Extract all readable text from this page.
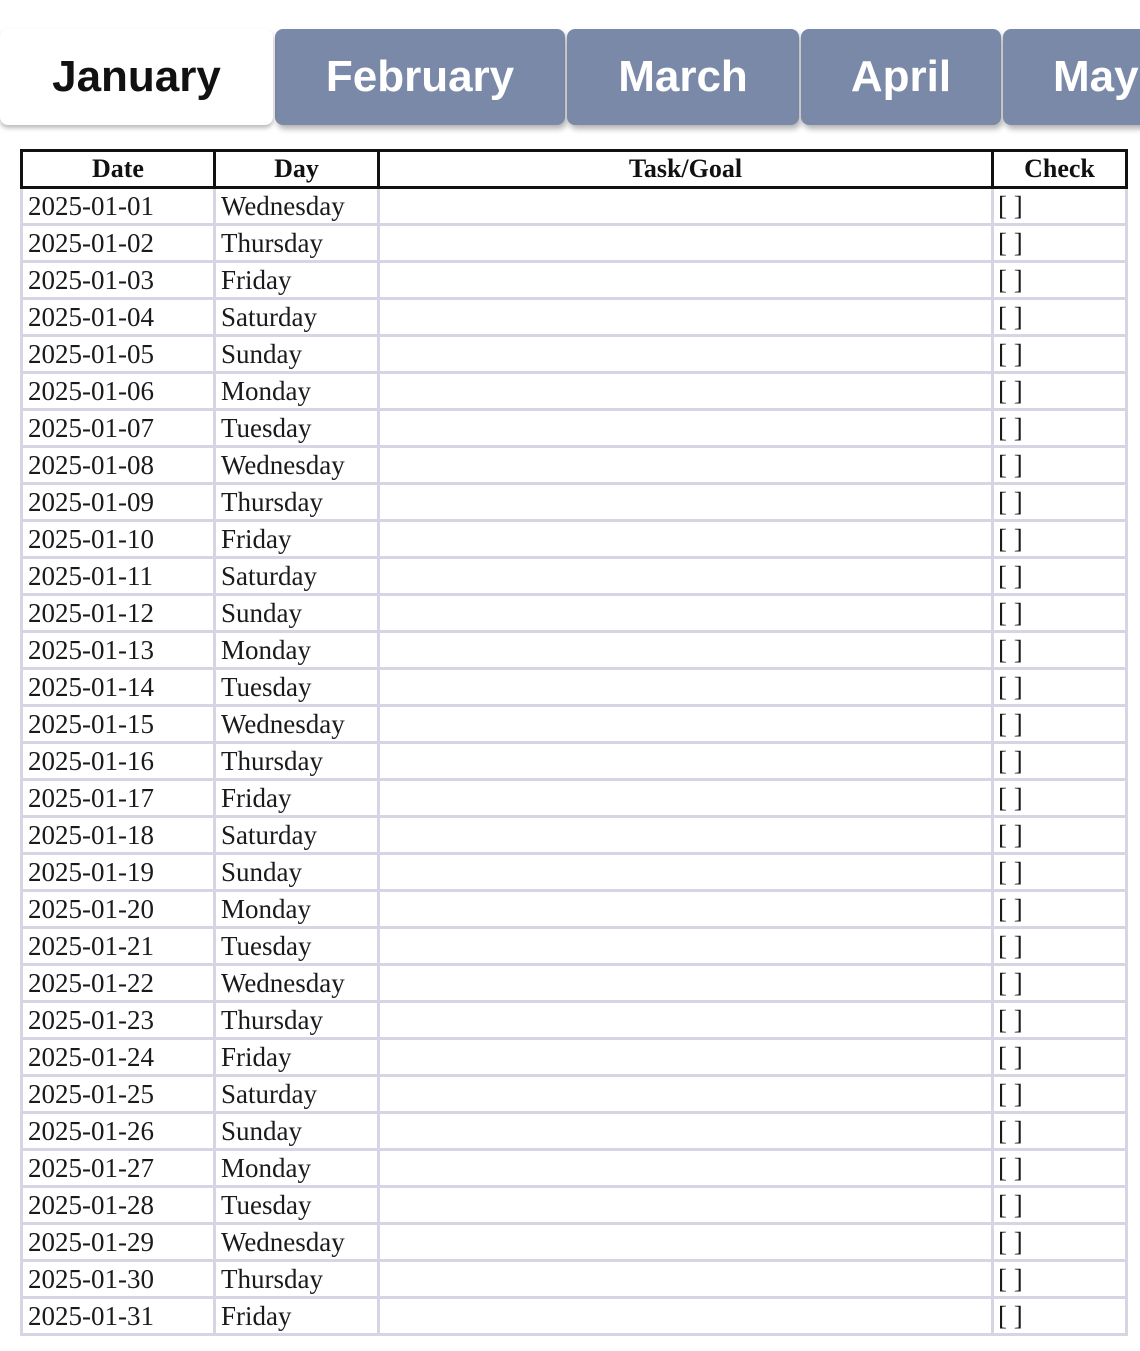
January February March April May
Date	Day	Task/Goal	Check
2025-01-01	Wednesday		[ ]
2025-01-02	Thursday		[ ]
2025-01-03	Friday		[ ]
2025-01-04	Saturday		[ ]
2025-01-05	Sunday		[ ]
2025-01-06	Monday		[ ]
2025-01-07	Tuesday		[ ]
2025-01-08	Wednesday		[ ]
2025-01-09	Thursday		[ ]
2025-01-10	Friday		[ ]
2025-01-11	Saturday		[ ]
2025-01-12	Sunday		[ ]
2025-01-13	Monday		[ ]
2025-01-14	Tuesday		[ ]
2025-01-15	Wednesday		[ ]
2025-01-16	Thursday		[ ]
2025-01-17	Friday		[ ]
2025-01-18	Saturday		[ ]
2025-01-19	Sunday		[ ]
2025-01-20	Monday		[ ]
2025-01-21	Tuesday		[ ]
2025-01-22	Wednesday		[ ]
2025-01-23	Thursday		[ ]
2025-01-24	Friday		[ ]
2025-01-25	Saturday		[ ]
2025-01-26	Sunday		[ ]
2025-01-27	Monday		[ ]
2025-01-28	Tuesday		[ ]
2025-01-29	Wednesday		[ ]
2025-01-30	Thursday		[ ]
2025-01-31	Friday		[ ]
